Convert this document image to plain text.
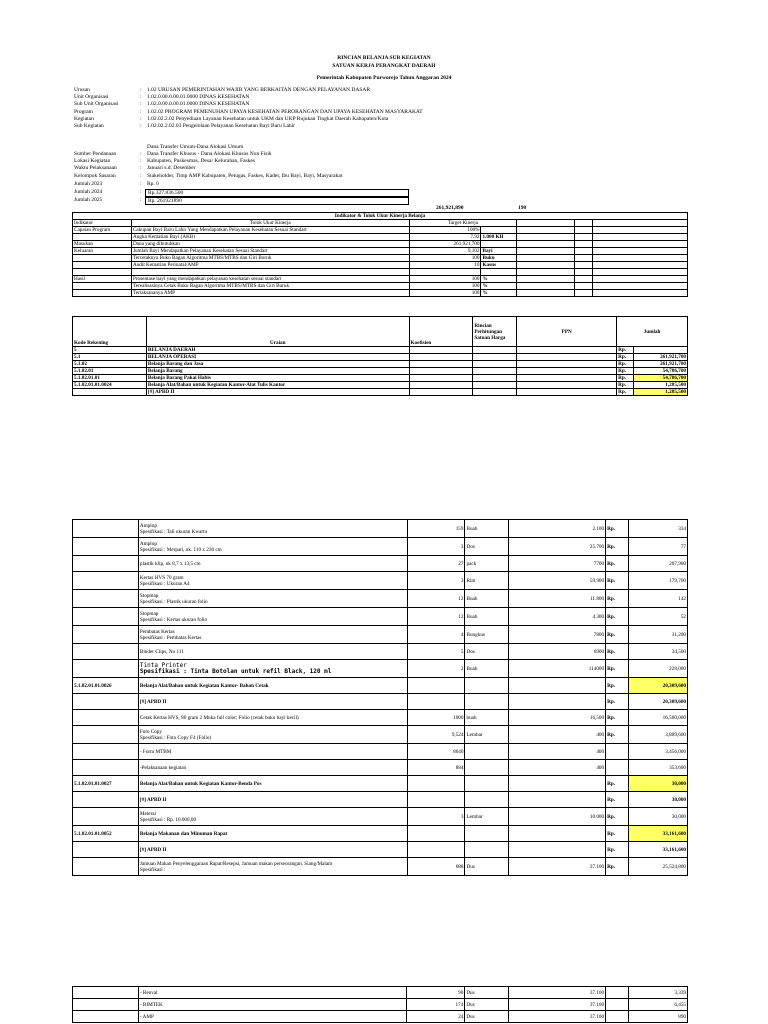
RINCIAN BELANJA SUB KEGIATAN
SATUAN KERJA PERANGKAT DAERAH
Pemerintah Kabupaten Purworejo Tahun Anggaran 2024
Urusan	: 1.02 URUSAN PEMERINTAHAN WAJIB YANG BERKAITAN DENGAN PELAYANAN DASAR
Unit Organisasi	: 1.02.0.00.0.00.01.0000 DINAS KESEHATAN
Sub Unit Organisasi	: 1.02.0.00.0.00.01.0000 DINAS KESEHATAN
Program	: 1.02.02 PROGRAM PEMENUHAN UPAYA KESEHATAN PERORANGAN DAN UPAYA KESEHATAN MASYARAKAT
Kegiatan	: 1.02.02.2.02 Penyediaan Layanan Kesehatan untuk UKM dan UKP Rujukan Tingkat Daerah Kabupaten/Kota
Sub Kegiatan	: 1.02.02.2.02.03 Pengelolaan Pelayanan Kesehatan Bayi Baru Lahir
Dana Transfer Umum-Dana Alokasi Umum
Sumber Pendanaan	: Dana Transfer Khusus - Dana Alokasi Khusus Non Fisik
Lokasi Kegiatan	: Kabupaten, Puskesmas, Desa/ Kelurahan, Faskes
Waktu Pelaksanaan	: Januari s.d. Desember
Kelompok Sasaran	: Stakeholder, Timp AMP Kabupaten, Petugas, Faskes, Kader, Ibu Bayi, Bayi, Masyarakat
Jumlah 2023	: Rp. 0
Jumlah 2024	:	Rp.327.836.500
Jumlah 2025	:	Rp. 261921890
261,921,890	190
Indikator & Tolok Ukur Kinerja Belanja						
Indikator	Tolok Ukur Kinerja	Target Kinerja				
Capaian Program	Cakupan Bayi Baru Lahir Yang Mendapatkan Pelayanan Kesehatan Sesuai Standart	100%				
	Angka Kematian Bayi (AKB)	7.92	1.000 KH			
Masukan	Dana yang dibutuhkan	261,921,700				
Keluaran	Jumlah Bayi Mendapatkan Pelayanan Kesehatan Sesuai Standart	9,102	Bayi			
	Tercetaknya Buku Bagan Algoritma MTBS/MTBS dan Giri Buruk	100	Buku			
	Audit Kematian Perinatal/AMP	10	Kasus			

Hasil	Prosentase bayi yang mendapatkan pelayanan kesehatan sesuai standart	100	%			
	Terealisasinya Cetak Buku Bagan Algoritma MTBS/MTBS dan Giri Buruk	100	%			
	Terlaksananya AMP	100	%			
Kode Rekening	Uraian	Koefisien	Rincian Perhitungan Satuan Harga	PPN	Jumlah	
5	BELANJA DAERAH				Rp.	
5.1	BELANJA OPERASI				Rp.	261,921,700
5.1.02	Belanja Barang dan Jasa				Rp.	261,921,700
5.1.02.01	Belanja Barang				Rp.	54,786,700
5.1.02.01.01	Belanja Barang Pakai Habis				Rp.	54,786,700
5.1.02.01.01.0024	Belanja Alat/Bahan untuk Kegiatan Kantor-Alat Tulis Kantor				Rp.	1,285,500
	[#] APBD II				Rp.	1,285,500

	Amplop
Spesifikasi : Tali ukuran Kwarto	159	Buah	2.100	Rp.	334

	Amplop
Spesifikasi : Merpati, uk. 110 x 230 cm	3	Dos	25.700	Rp.	77

	plastik klip, uk 8,7 x 13,5 cm	27	pack	7700	Rp.	207,900

	Kertas HVS 70 gram
Spesifikasi : Ukuran A4	3	Rim	59,900	Rp.	179,700

	Stopmap
Spesifikasi : Plastik ukuran folio	12	Buah	11.800	Rp.	142

	Stopmap
Spesifikasi : Kertas ukuran folio	12	Buah	4.300	Rp.	52

	Pembatas Kertas
Spesifikasi : Pembatas Kertas	4	Bungkus	7800	Rp.	31,200

	Binder Clips, No 111	5	Dos	6900	Rp.	34,500

	Tinta Printer
Spesifikasi : Tinta Botolan untuk refil Black, 120 ml	2	Buah	114000	Rp.	228,000
5.1.02.01.01.0026	Belanja Alat/Bahan untuk Kegiatan Kantor- Bahan Cetak				Rp.	20,309,600

	[#] APBD II				Rp.	20,309,600

	Cetak Kertas HVS, 80 gram 2 Muka full color; Folio (cetak buku bayi kecil)	1000	buah	16,500	Rp.	16,500,000

	Foto Copy
Spesifikasi : Foto Copy F4 (Folio)	9,524	Lembar	400	Rp.	3,809,600

	- Form MTBM	8640		400		3,456,000

	-Pelaksanaan kegiatan	884		400		353,600
5.1.02.01.01.0027	Belanja Alat/Bahan untuk Kegiatan Kantor-Benda Pos				Rp.	30,000

	[#] APBD II				Rp.	30,000

	Meterai
Spesifikasi : Rp. 10.000,00	3	Lembar	10.000	Rp.	30,000
5.1.02.01.01.0052	Belanja Makanan dan Minuman Rapat				Rp.	33,161,600

	[#] APBD II				Rp.	33,161,600

	Jamuan Makan Penyelenggaraan Rapat/Resepsi, Jamuan makan perseorangan, Siang/Malam
Spesifikasi :	688	Dus	37.100	Rp.	25,524,800
	- Renval	90	Dus	37.100		3,339
	- BIMTEK	174	Dus	37.100		6,455
	- AMP	24	Dus	37.100		890
